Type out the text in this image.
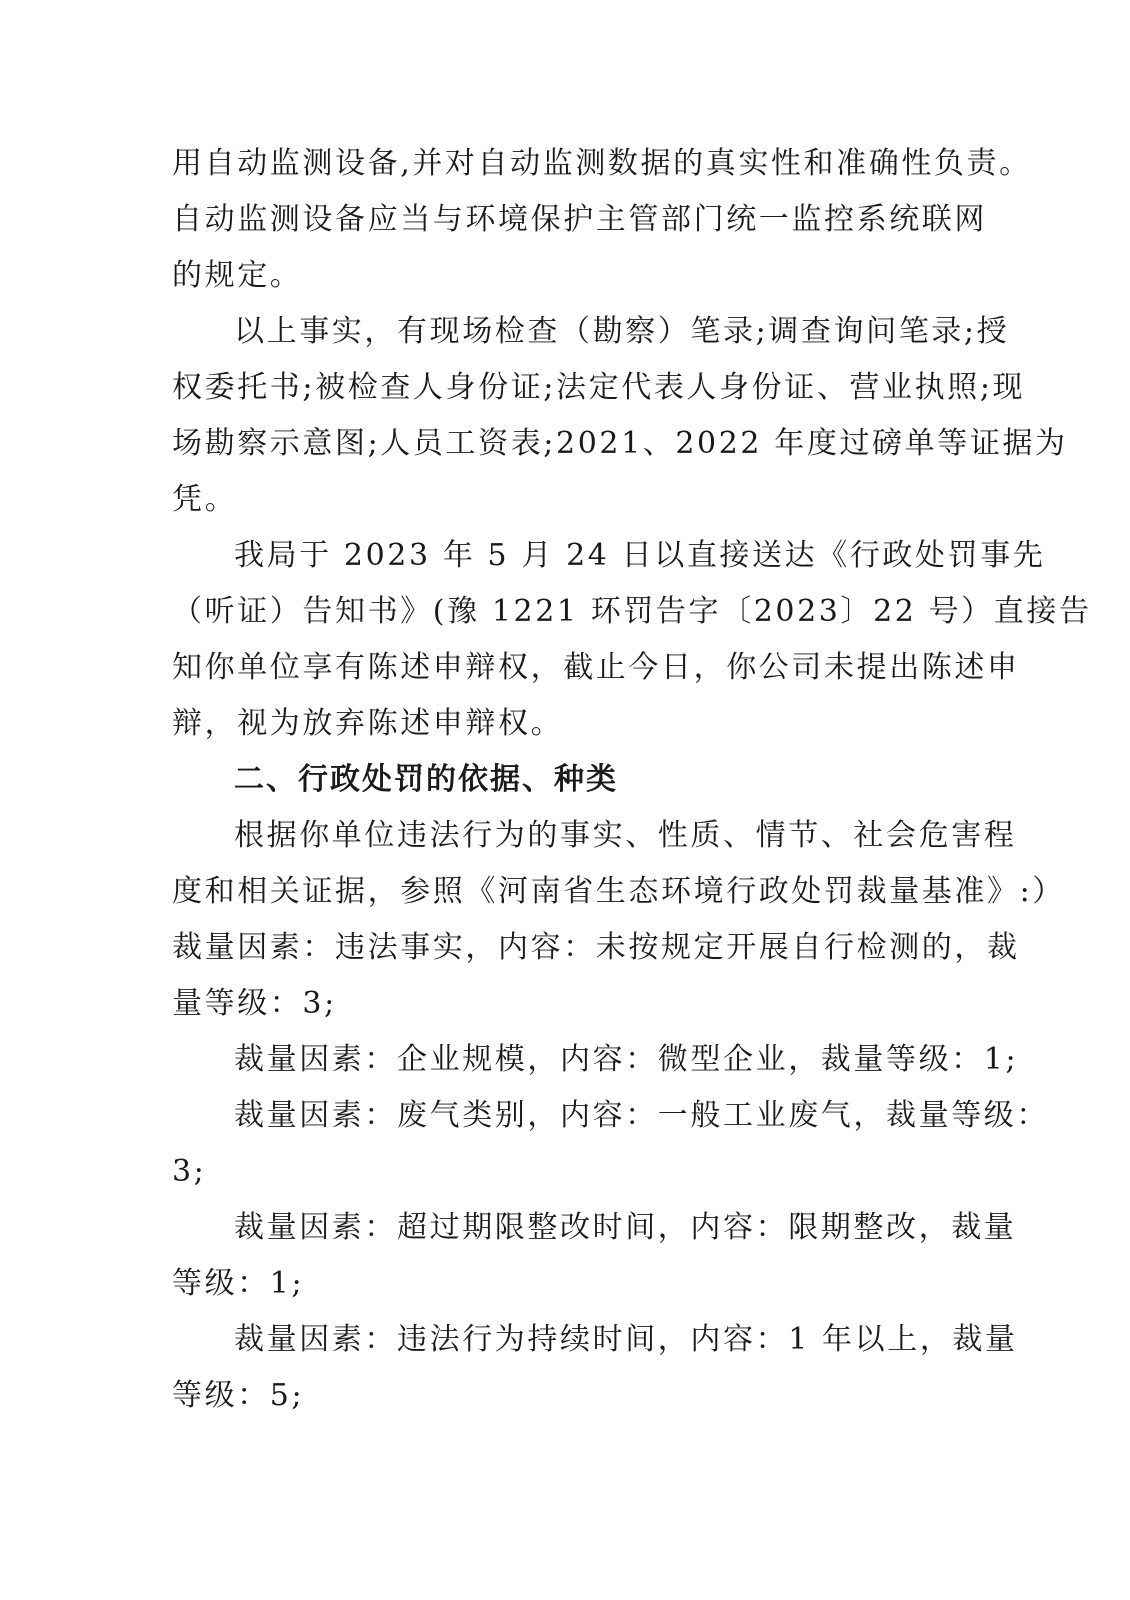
用自动监测设备,并对自动监测数据的真实性和准确性负责。
自动监测设备应当与环境保护主管部门统一监控系统联网
的规定。
以上事实，有现场检查（勘察）笔录;调查询问笔录;授
权委托书;被检查人身份证;法定代表人身份证、营业执照;现
场勘察示意图;人员工资表;2021、2022 年度过磅单等证据为
凭。
我局于 2023 年 5 月 24 日以直接送达《行政处罚事先
（听证）告知书》(豫 1221 环罚告字〔2023〕22 号）直接告
知你单位享有陈述申辩权，截止今日，你公司未提出陈述申
辩，视为放弃陈述申辩权。
二、行政处罚的依据、种类
根据你单位违法行为的事实、性质、情节、社会危害程
度和相关证据，参照《河南省生态环境行政处罚裁量基准》:）
裁量因素：违法事实，内容：未按规定开展自行检测的，裁
量等级：3;
裁量因素：企业规模，内容：微型企业，裁量等级：1;
裁量因素：废气类别，内容：一般工业废气，裁量等级：
3;
裁量因素：超过期限整改时间，内容：限期整改，裁量
等级：1;
裁量因素：违法行为持续时间，内容：1 年以上，裁量
等级：5;
